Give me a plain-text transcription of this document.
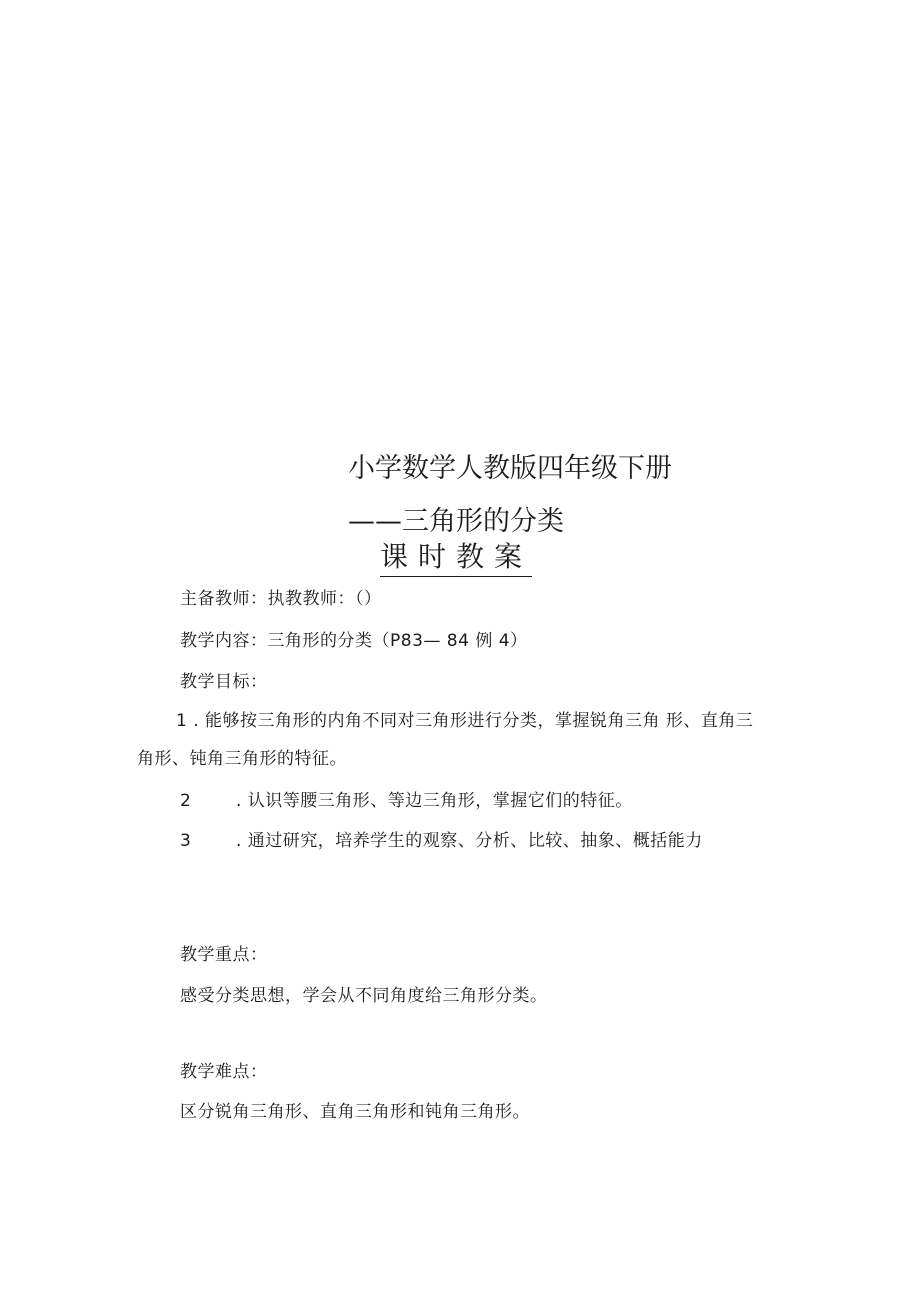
小学数学人教版四年级下册
——三角形的分类
课时教案
主备教师：执教教师：（）
教学内容：三角形的分类（P83— 84 例 4）
教学目标：
1 . 能够按三角形的内角不同对三角形进行分类，掌握锐角三角 形、直角三
角形、钝角三角形的特征。
2	. 认识等腰三角形、等边三角形，掌握它们的特征。
3	. 通过研究，培养学生的观察、分析、比较、抽象、概括能力
教学重点：
感受分类思想，学会从不同角度给三角形分类。
教学难点：
区分锐角三角形、直角三角形和钝角三角形。
